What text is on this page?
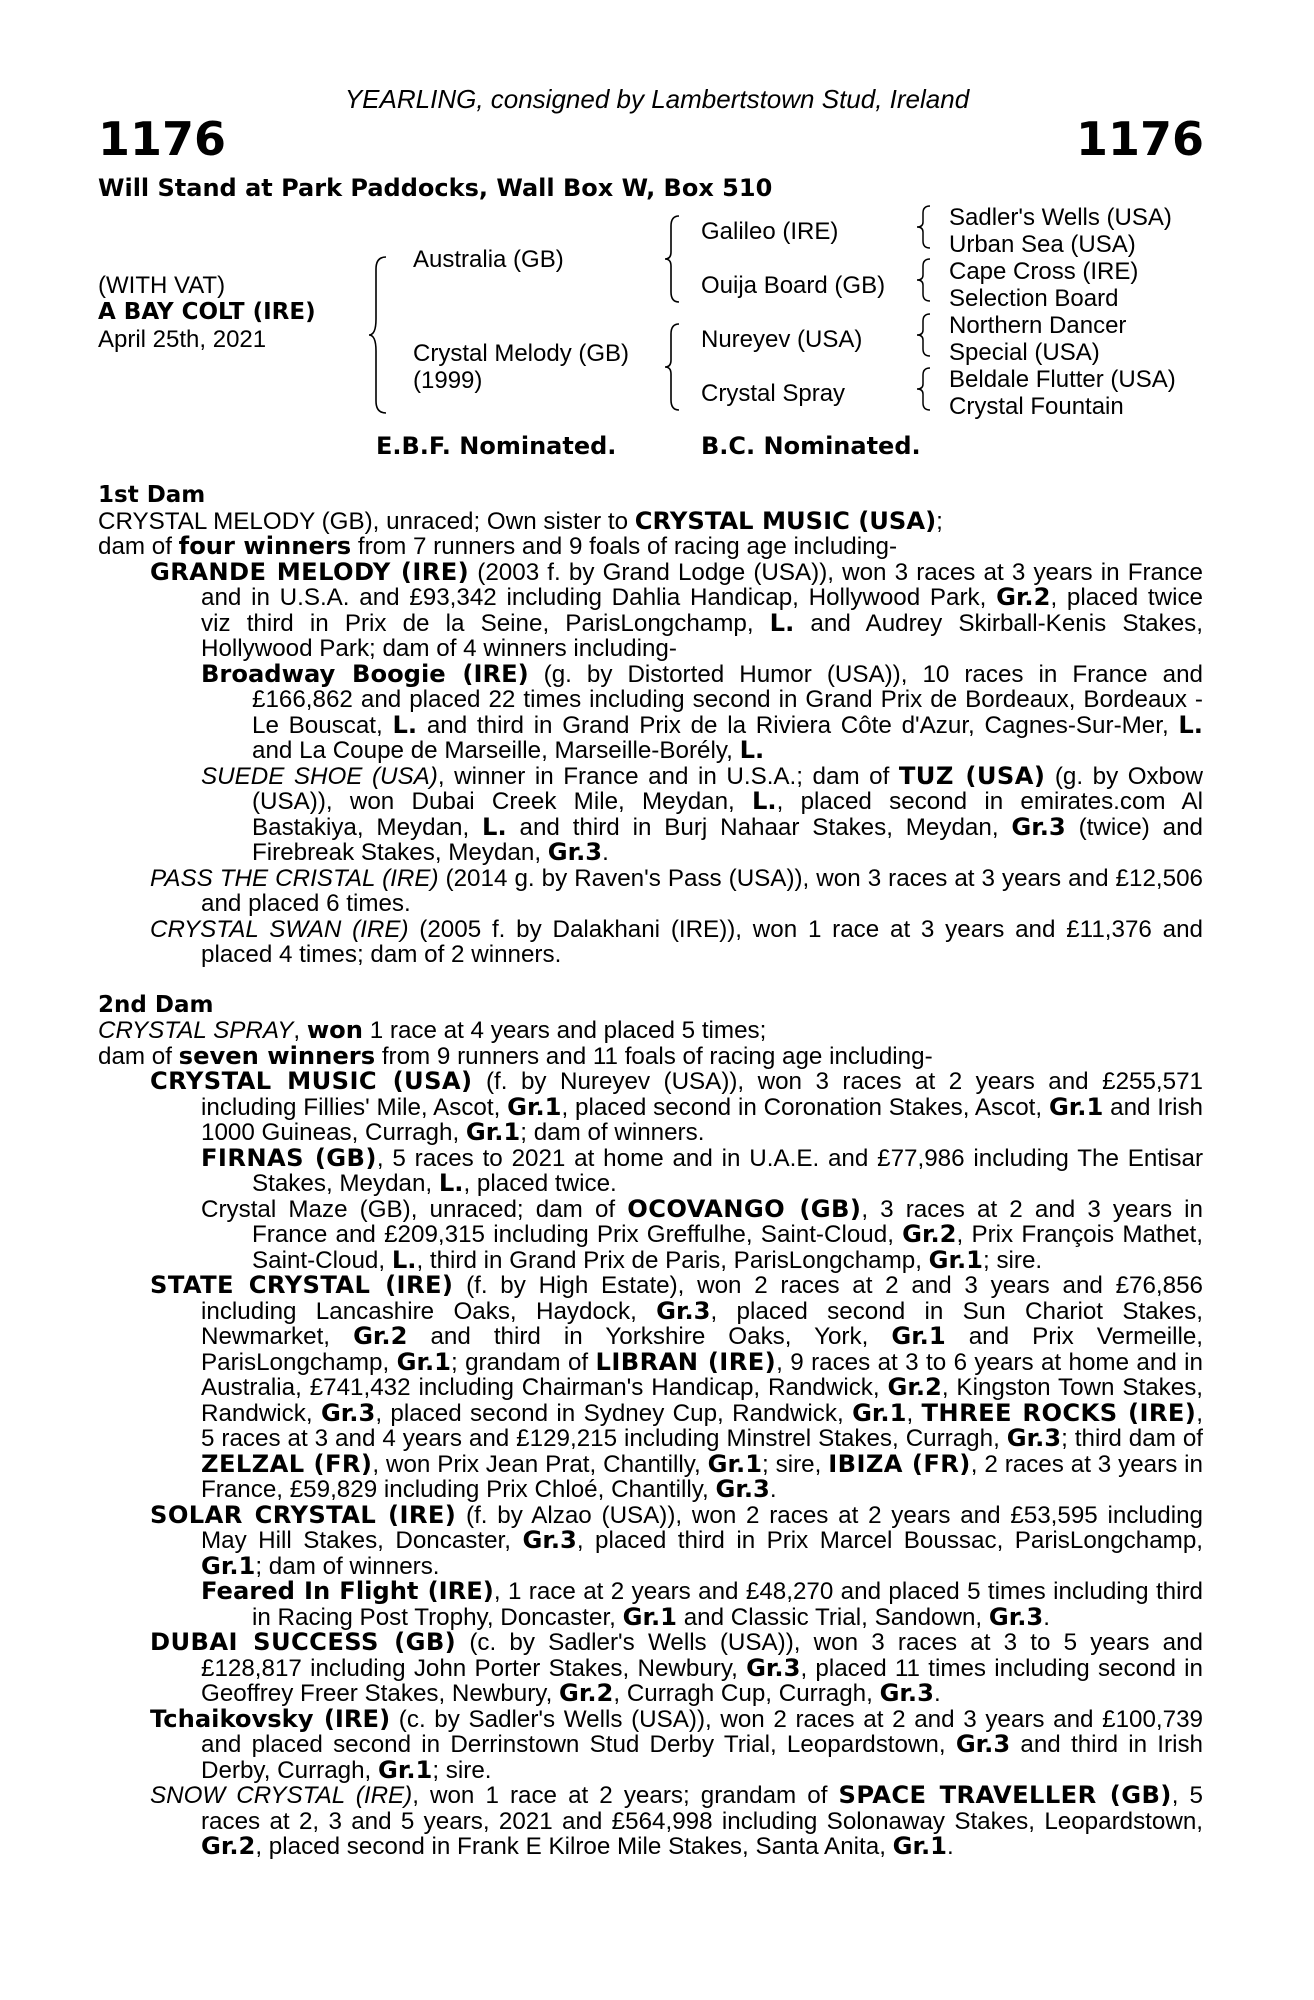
YEARLING, consigned by Lambertstown Stud, Ireland
1176	1176
Will Stand at Park Paddocks, Wall Box W, Box 510
(WITH VAT)
A BAY COLT (IRE)
April 25th, 2021
Australia (GB)
Crystal Melody (GB)
(1999)
Galileo (IRE)
Ouija Board (GB)
Nureyev (USA)
Crystal Spray
Sadler's Wells (USA)
Urban Sea (USA)
Cape Cross (IRE)
Selection Board
Northern Dancer
Special (USA)
Beldale Flutter (USA)
Crystal Fountain
E.B.F. Nominated.	B.C. Nominated.
1st Dam
CRYSTAL MELODY (GB), unraced; Own sister to CRYSTAL MUSIC (USA);
dam of four winners from 7 runners and 9 foals of racing age including-
GRANDE MELODY (IRE) (2003 f. by Grand Lodge (USA)), won 3 races at 3 years in France and in U.S.A. and £93,342 including Dahlia Handicap, Hollywood Park, Gr.2, placed twice viz third in Prix de la Seine, ParisLongchamp, L. and Audrey Skirball-Kenis Stakes, Hollywood Park; dam of 4 winners including-
Broadway Boogie (IRE) (g. by Distorted Humor (USA)), 10 races in France and £166,862 and placed 22 times including second in Grand Prix de Bordeaux, Bordeaux - Le Bouscat, L. and third in Grand Prix de la Riviera Côte d'Azur, Cagnes-Sur-Mer, L. and La Coupe de Marseille, Marseille-Borély, L.
SUEDE SHOE (USA), winner in France and in U.S.A.; dam of TUZ (USA) (g. by Oxbow (USA)), won Dubai Creek Mile, Meydan, L., placed second in emirates.com Al Bastakiya, Meydan, L. and third in Burj Nahaar Stakes, Meydan, Gr.3 (twice) and Firebreak Stakes, Meydan, Gr.3.
PASS THE CRISTAL (IRE) (2014 g. by Raven's Pass (USA)), won 3 races at 3 years and £12,506 and placed 6 times.
CRYSTAL SWAN (IRE) (2005 f. by Dalakhani (IRE)), won 1 race at 3 years and £11,376 and placed 4 times; dam of 2 winners.
2nd Dam
CRYSTAL SPRAY, won 1 race at 4 years and placed 5 times;
dam of seven winners from 9 runners and 11 foals of racing age including-
CRYSTAL MUSIC (USA) (f. by Nureyev (USA)), won 3 races at 2 years and £255,571 including Fillies' Mile, Ascot, Gr.1, placed second in Coronation Stakes, Ascot, Gr.1 and Irish 1000 Guineas, Curragh, Gr.1; dam of winners.
FIRNAS (GB), 5 races to 2021 at home and in U.A.E. and £77,986 including The Entisar Stakes, Meydan, L., placed twice.
Crystal Maze (GB), unraced; dam of OCOVANGO (GB), 3 races at 2 and 3 years in France and £209,315 including Prix Greffulhe, Saint-Cloud, Gr.2, Prix François Mathet, Saint-Cloud, L., third in Grand Prix de Paris, ParisLongchamp, Gr.1; sire.
STATE CRYSTAL (IRE) (f. by High Estate), won 2 races at 2 and 3 years and £76,856 including Lancashire Oaks, Haydock, Gr.3, placed second in Sun Chariot Stakes, Newmarket, Gr.2 and third in Yorkshire Oaks, York, Gr.1 and Prix Vermeille, ParisLongchamp, Gr.1; grandam of LIBRAN (IRE), 9 races at 3 to 6 years at home and in Australia, £741,432 including Chairman's Handicap, Randwick, Gr.2, Kingston Town Stakes, Randwick, Gr.3, placed second in Sydney Cup, Randwick, Gr.1, THREE ROCKS (IRE), 5 races at 3 and 4 years and £129,215 including Minstrel Stakes, Curragh, Gr.3; third dam of ZELZAL (FR), won Prix Jean Prat, Chantilly, Gr.1; sire, IBIZA (FR), 2 races at 3 years in France, £59,829 including Prix Chloé, Chantilly, Gr.3.
SOLAR CRYSTAL (IRE) (f. by Alzao (USA)), won 2 races at 2 years and £53,595 including May Hill Stakes, Doncaster, Gr.3, placed third in Prix Marcel Boussac, ParisLongchamp, Gr.1; dam of winners.
Feared In Flight (IRE), 1 race at 2 years and £48,270 and placed 5 times including third in Racing Post Trophy, Doncaster, Gr.1 and Classic Trial, Sandown, Gr.3.
DUBAI SUCCESS (GB) (c. by Sadler's Wells (USA)), won 3 races at 3 to 5 years and £128,817 including John Porter Stakes, Newbury, Gr.3, placed 11 times including second in Geoffrey Freer Stakes, Newbury, Gr.2, Curragh Cup, Curragh, Gr.3.
Tchaikovsky (IRE) (c. by Sadler's Wells (USA)), won 2 races at 2 and 3 years and £100,739 and placed second in Derrinstown Stud Derby Trial, Leopardstown, Gr.3 and third in Irish Derby, Curragh, Gr.1; sire.
SNOW CRYSTAL (IRE), won 1 race at 2 years; grandam of SPACE TRAVELLER (GB), 5 races at 2, 3 and 5 years, 2021 and £564,998 including Solonaway Stakes, Leopardstown, Gr.2, placed second in Frank E Kilroe Mile Stakes, Santa Anita, Gr.1.
